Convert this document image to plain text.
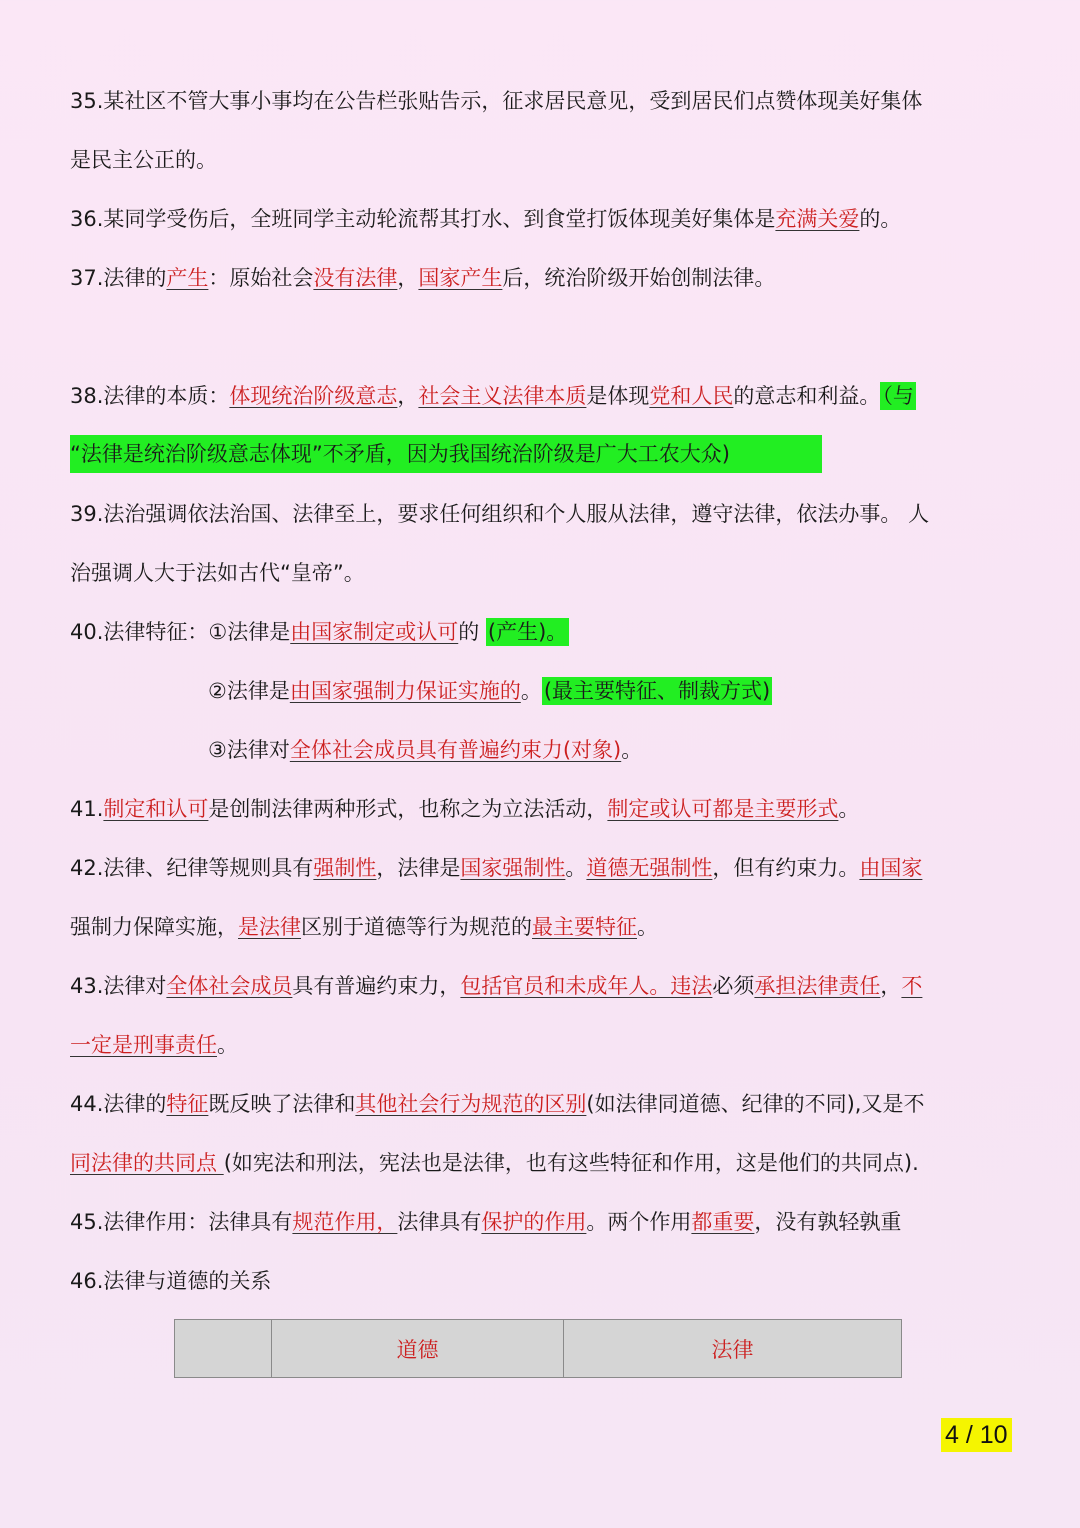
35.某社区不管大事小事均在公告栏张贴告示，征求居民意见，受到居民们点赞体现美好集体
是民主公正的。
36.某同学受伤后，全班同学主动轮流帮其打水、到食堂打饭体现美好集体是充满关爱的。
37.法律的产生：原始社会没有法律，国家产生后，统治阶级开始创制法律。
38.法律的本质：体现统治阶级意志，社会主义法律本质是体现党和人民的意志和利益。（与
“法律是统治阶级意志体现”不矛盾，因为我国统治阶级是广大工农大众)
39.法治强调依法治国、法律至上，要求任何组织和个人服从法律，遵守法律，依法办事。 人
治强调人大于法如古代“皇帝”。
40.法律特征：①法律是由国家制定或认可的 (产生)。
②法律是由国家强制力保证实施的。(最主要特征、制裁方式)
③法律对全体社会成员具有普遍约束力(对象)。
41.制定和认可是创制法律两种形式，也称之为立法活动，制定或认可都是主要形式。
42.法律、纪律等规则具有强制性，法律是国家强制性。道德无强制性，但有约束力。由国家
强制力保障实施，是法律区别于道德等行为规范的最主要特征。
43.法律对全体社会成员具有普遍约束力，包括官员和未成年人。违法必须承担法律责任，不
一定是刑事责任。
44.法律的特征既反映了法律和其他社会行为规范的区别(如法律同道德、纪律的不同),又是不
同法律的共同点 (如宪法和刑法，宪法也是法律，也有这些特征和作用，这是他们的共同点).
45.法律作用：法律具有规范作用，法律具有保护的作用。两个作用都重要，没有孰轻孰重
46.法律与道德的关系
	道德	法律
4 / 10
